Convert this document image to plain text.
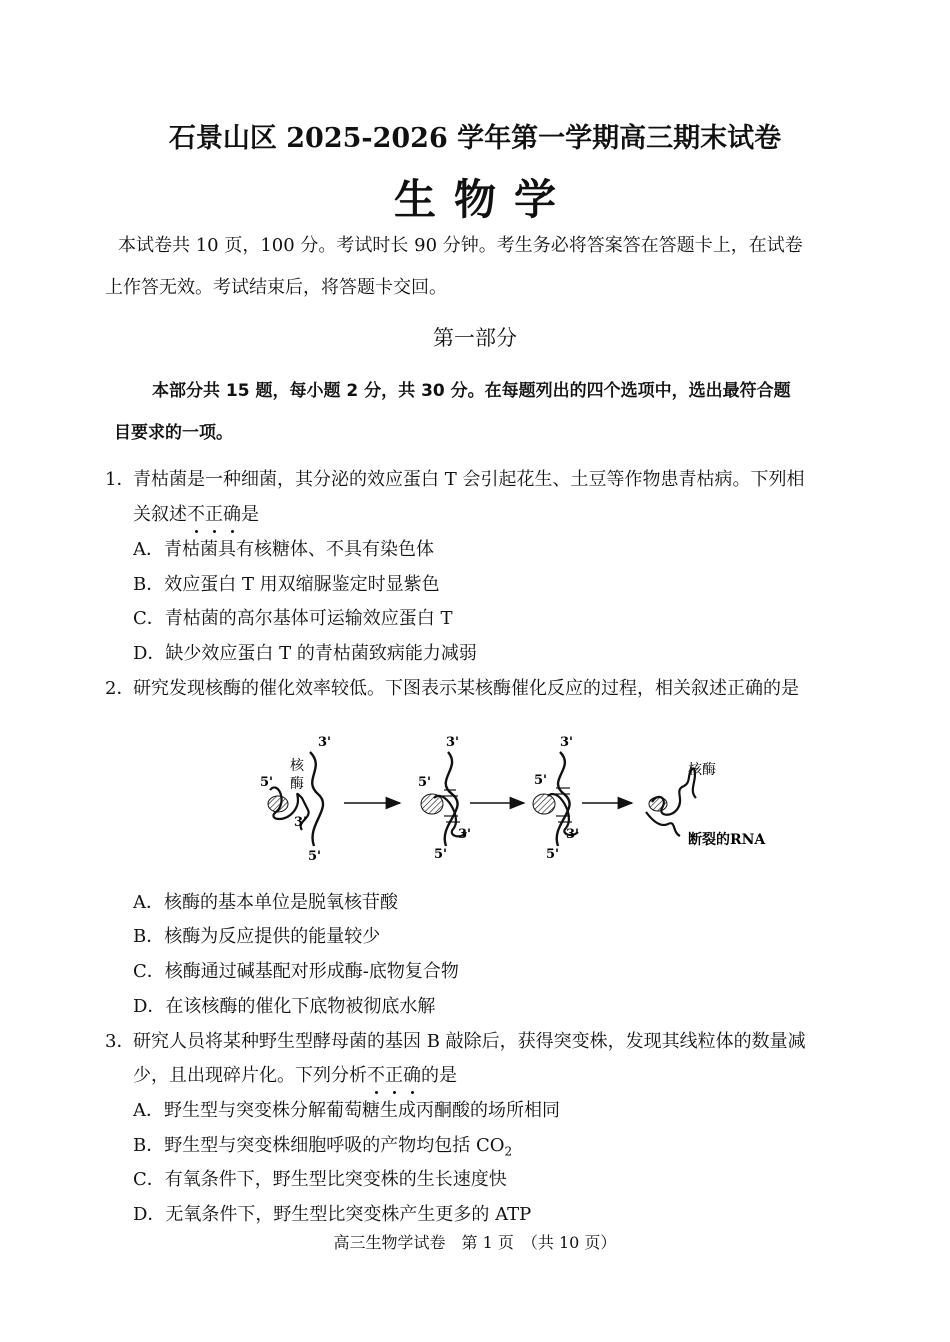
石景山区 2025-2026 学年第一学期高三期末试卷
生物学
本试卷共 10 页，100 分。考试时长 90 分钟。考生务必将答案答在答题卡上，在试卷
上作答无效。考试结束后，将答题卡交回。
第一部分
本部分共 15 题，每小题 2 分，共 30 分。在每题列出的四个选项中，选出最符合题
目要求的一项。
1．
青枯菌是一种细菌，其分泌的效应蛋白 T 会引起花生、土豆等作物患青枯病。下列相
关叙述不正确是
A．青枯菌具有核糖体、不具有染色体
B．效应蛋白 T 用双缩脲鉴定时显紫色
C．青枯菌的高尔基体可运输效应蛋白 T
D．缺少效应蛋白 T 的青枯菌致病能力减弱
2．
研究发现核酶的催化效率较低。下图表示某核酶催化反应的过程，相关叙述正确的是
3'
5'
核
酶
3'
5'
3'
5'
3'
5'
3'
5'
3'
5'
核酶
断裂的RNA
A．核酶的基本单位是脱氧核苷酸
B．核酶为反应提供的能量较少
C．核酶通过碱基配对形成酶-底物复合物
D．在该核酶的催化下底物被彻底水解
3．
研究人员将某种野生型酵母菌的基因 B 敲除后，获得突变株，发现其线粒体的数量减
少，且出现碎片化。下列分析不正确的是
A．野生型与突变株分解葡萄糖生成丙酮酸的场所相同
B．野生型与突变株细胞呼吸的产物均包括 $CO_2$
C．有氧条件下，野生型比突变株的生长速度快
D．无氧条件下，野生型比突变株产生更多的 ATP
高三生物学试卷　第 1 页　（共 10 页）
